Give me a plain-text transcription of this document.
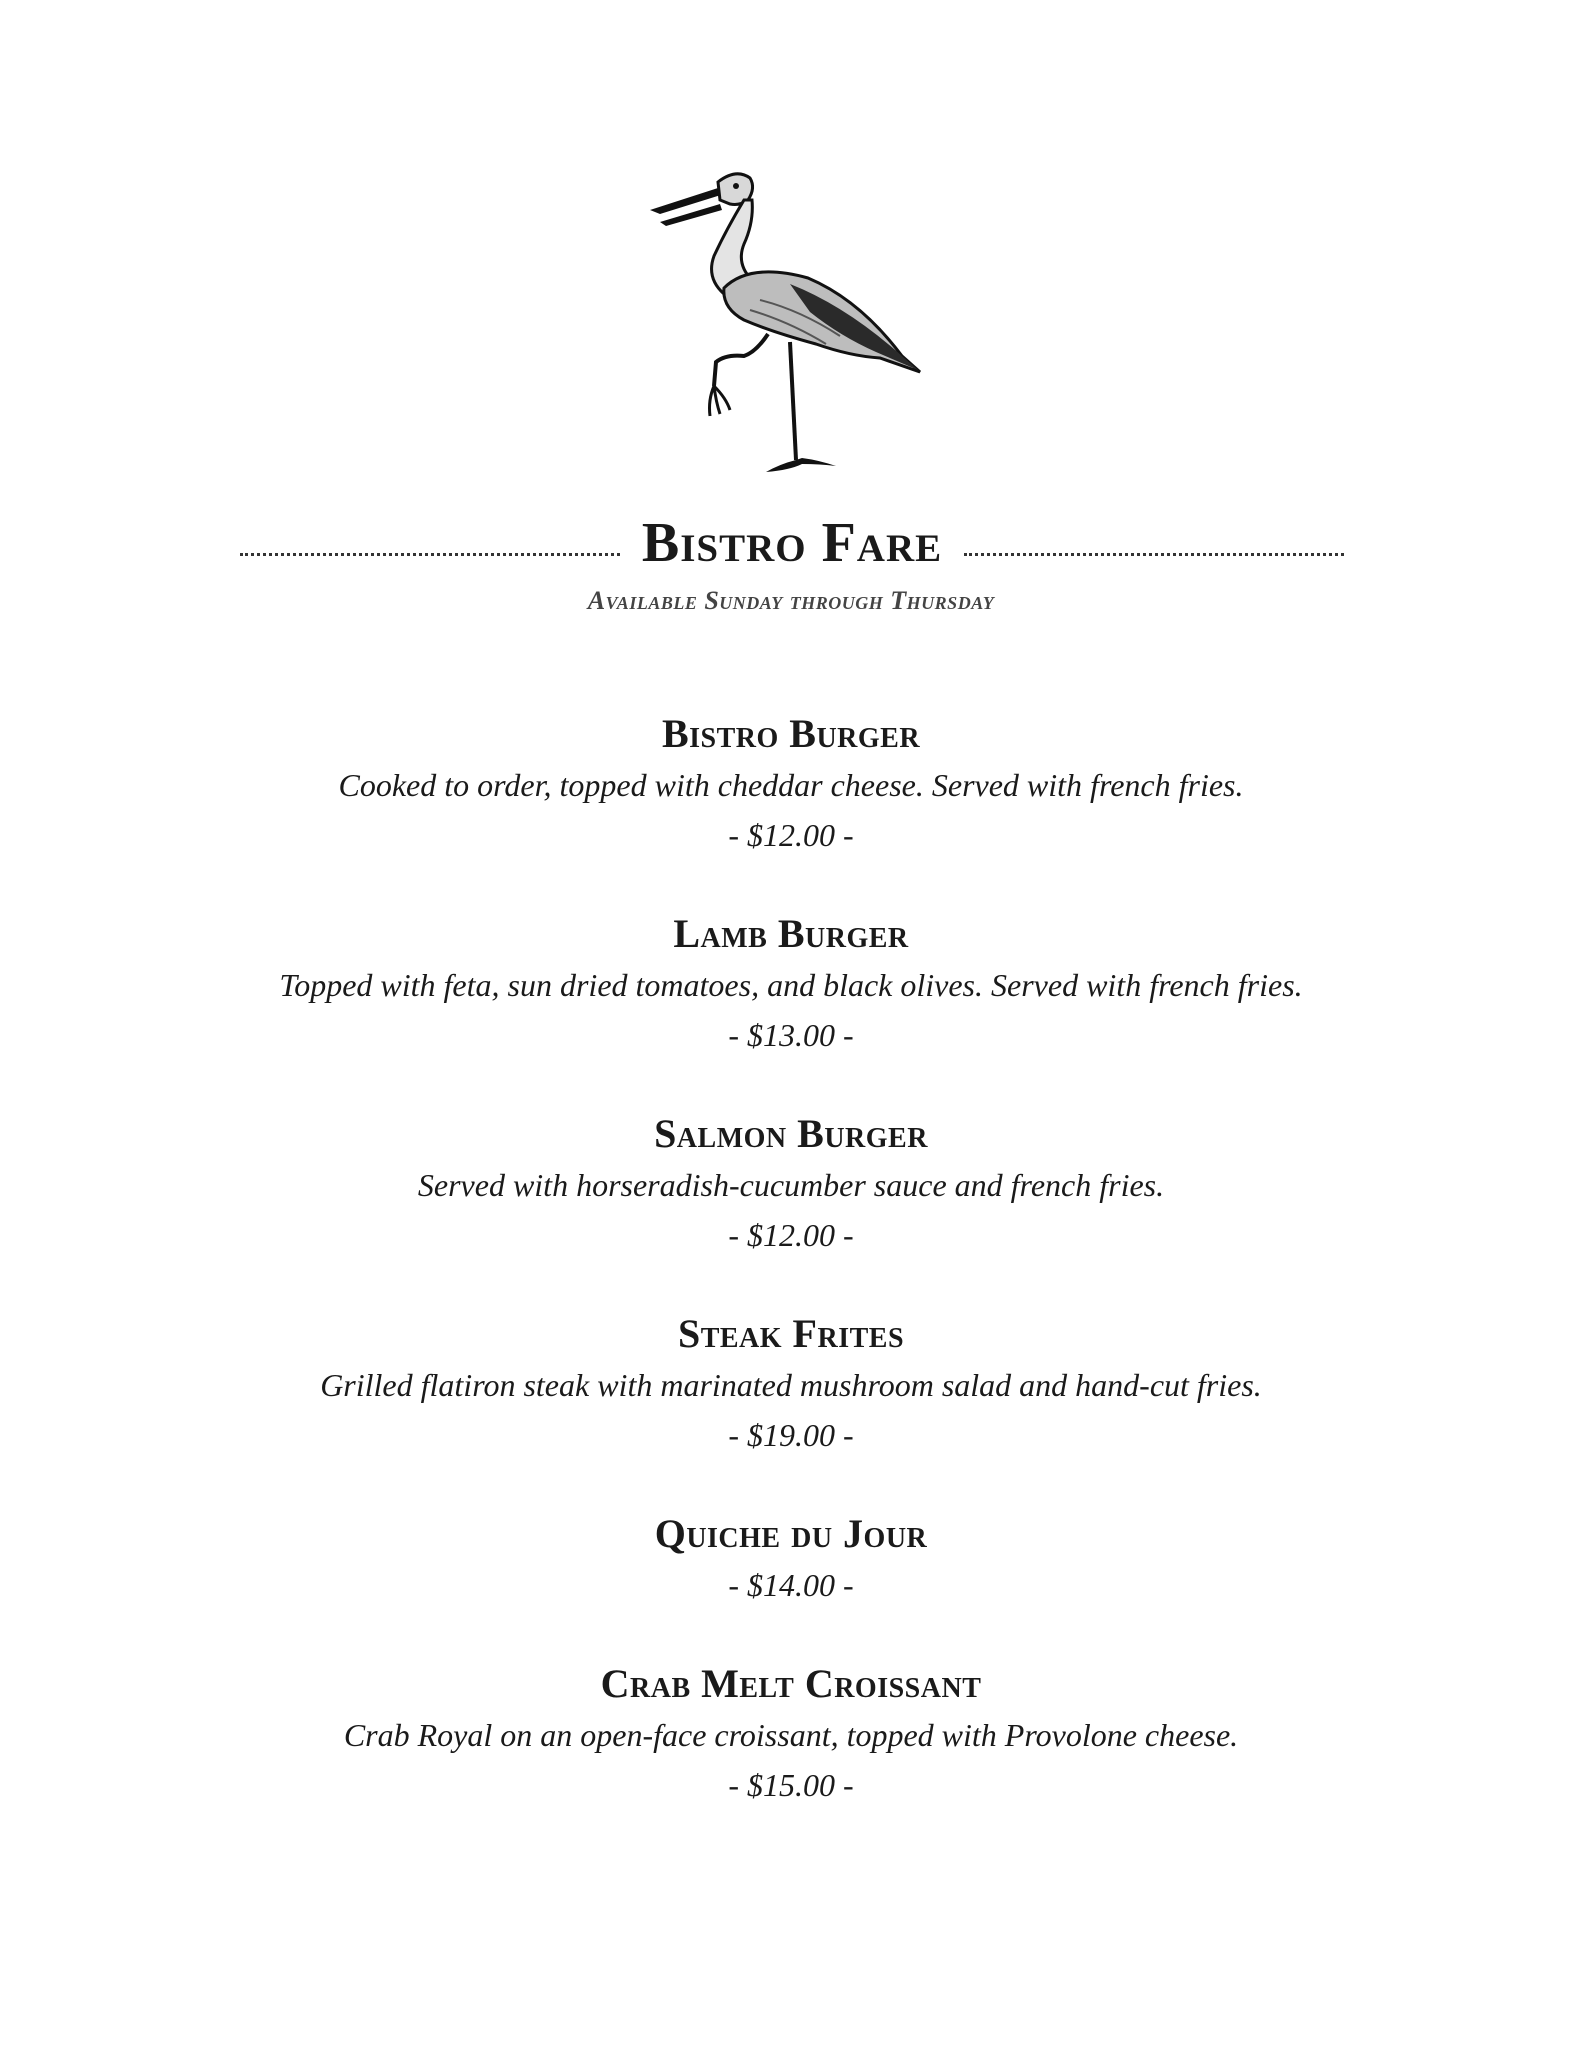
Bistro Fare
Available Sunday through Thursday
Bistro Burger
Cooked to order, topped with cheddar cheese. Served with french fries.
- $12.00 -
Lamb Burger
Topped with feta, sun dried tomatoes, and black olives. Served with french fries.
- $13.00 -
Salmon Burger
Served with horseradish-cucumber sauce and french fries.
- $12.00 -
Steak Frites
Grilled flatiron steak with marinated mushroom salad and hand-cut fries.
- $19.00 -
Quiche du Jour
- $14.00 -
Crab Melt Croissant
Crab Royal on an open-face croissant, topped with Provolone cheese.
- $15.00 -
